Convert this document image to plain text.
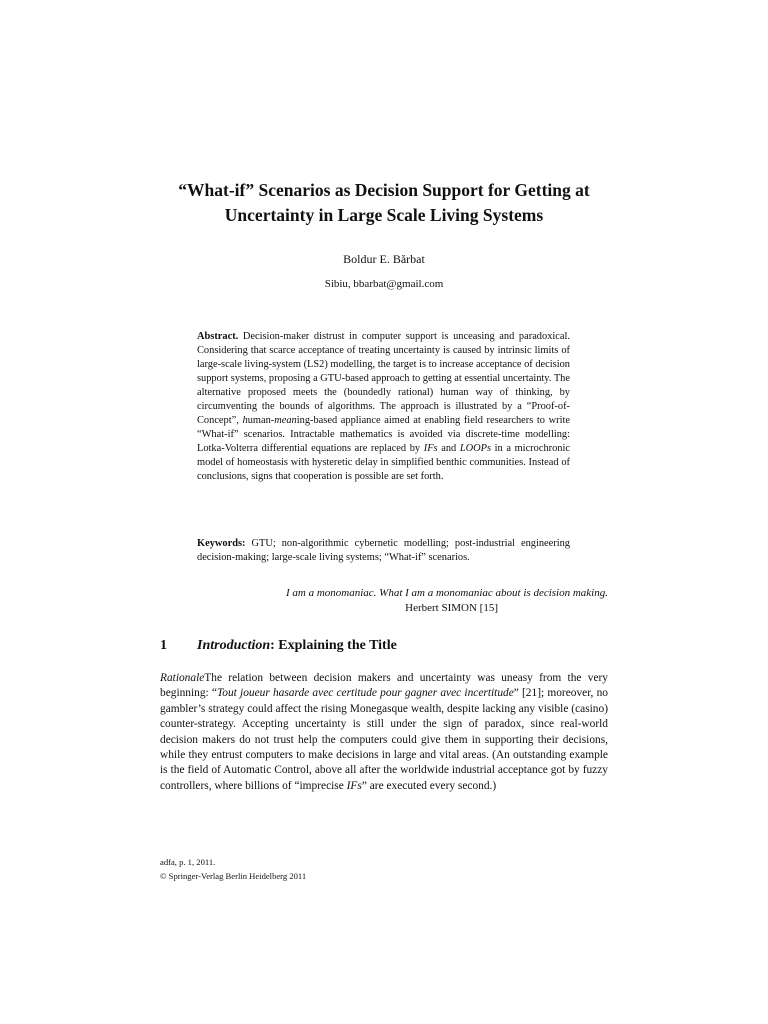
“What-if” Scenarios as Decision Support for Getting at
Uncertainty in Large Scale Living Systems
Boldur E. Bărbat
Sibiu, bbarbat@gmail.com
Abstract. Decision-maker distrust in computer support is unceasing and paradoxical. Considering that scarce acceptance of treating uncertainty is caused by intrinsic limits of large-scale living-system (LS2) modelling, the target is to increase acceptance of decision support systems, proposing a GTU-based approach to getting at essential uncertainty. The alternative proposed meets the (boundedly rational) human way of thinking, by circumventing the bounds of algorithms. The approach is illustrated by a “Proof-of-Concept”, human-meaning-based appliance aimed at enabling field researchers to write “What-if” scenarios. Intractable mathematics is avoided via discrete-time modelling: Lotka-Volterra differential equations are replaced by IFs and LOOPs in a microchronic model of homeostasis with hysteretic delay in simplified benthic communities. Instead of conclusions, signs that cooperation is possible are set forth.
Keywords: GTU; non-algorithmic cybernetic modelling; post-industrial engineering decision-making; large-scale living systems; “What-if” scenarios.
I am a monomaniac. What I am a monomaniac about is decision making.
Herbert SIMON [15]
1 Introduction: Explaining the Title
RationaleThe relation between decision makers and uncertainty was uneasy from the very beginning: “Tout joueur hasarde avec certitude pour gagner avec incertitude” [21]; moreover, no gambler’s strategy could affect the rising Monegasque wealth, despite lacking any visible (casino) counter-strategy. Accepting uncertainty is still under the sign of paradox, since real-world decision makers do not trust help the computers could give them in supporting their decisions, while they entrust computers to make decisions in large and vital areas. (An outstanding example is the field of Automatic Control, above all after the worldwide industrial acceptance got by fuzzy controllers, where billions of “imprecise IFs” are executed every second.)
adfa, p. 1, 2011.
© Springer-Verlag Berlin Heidelberg 2011
